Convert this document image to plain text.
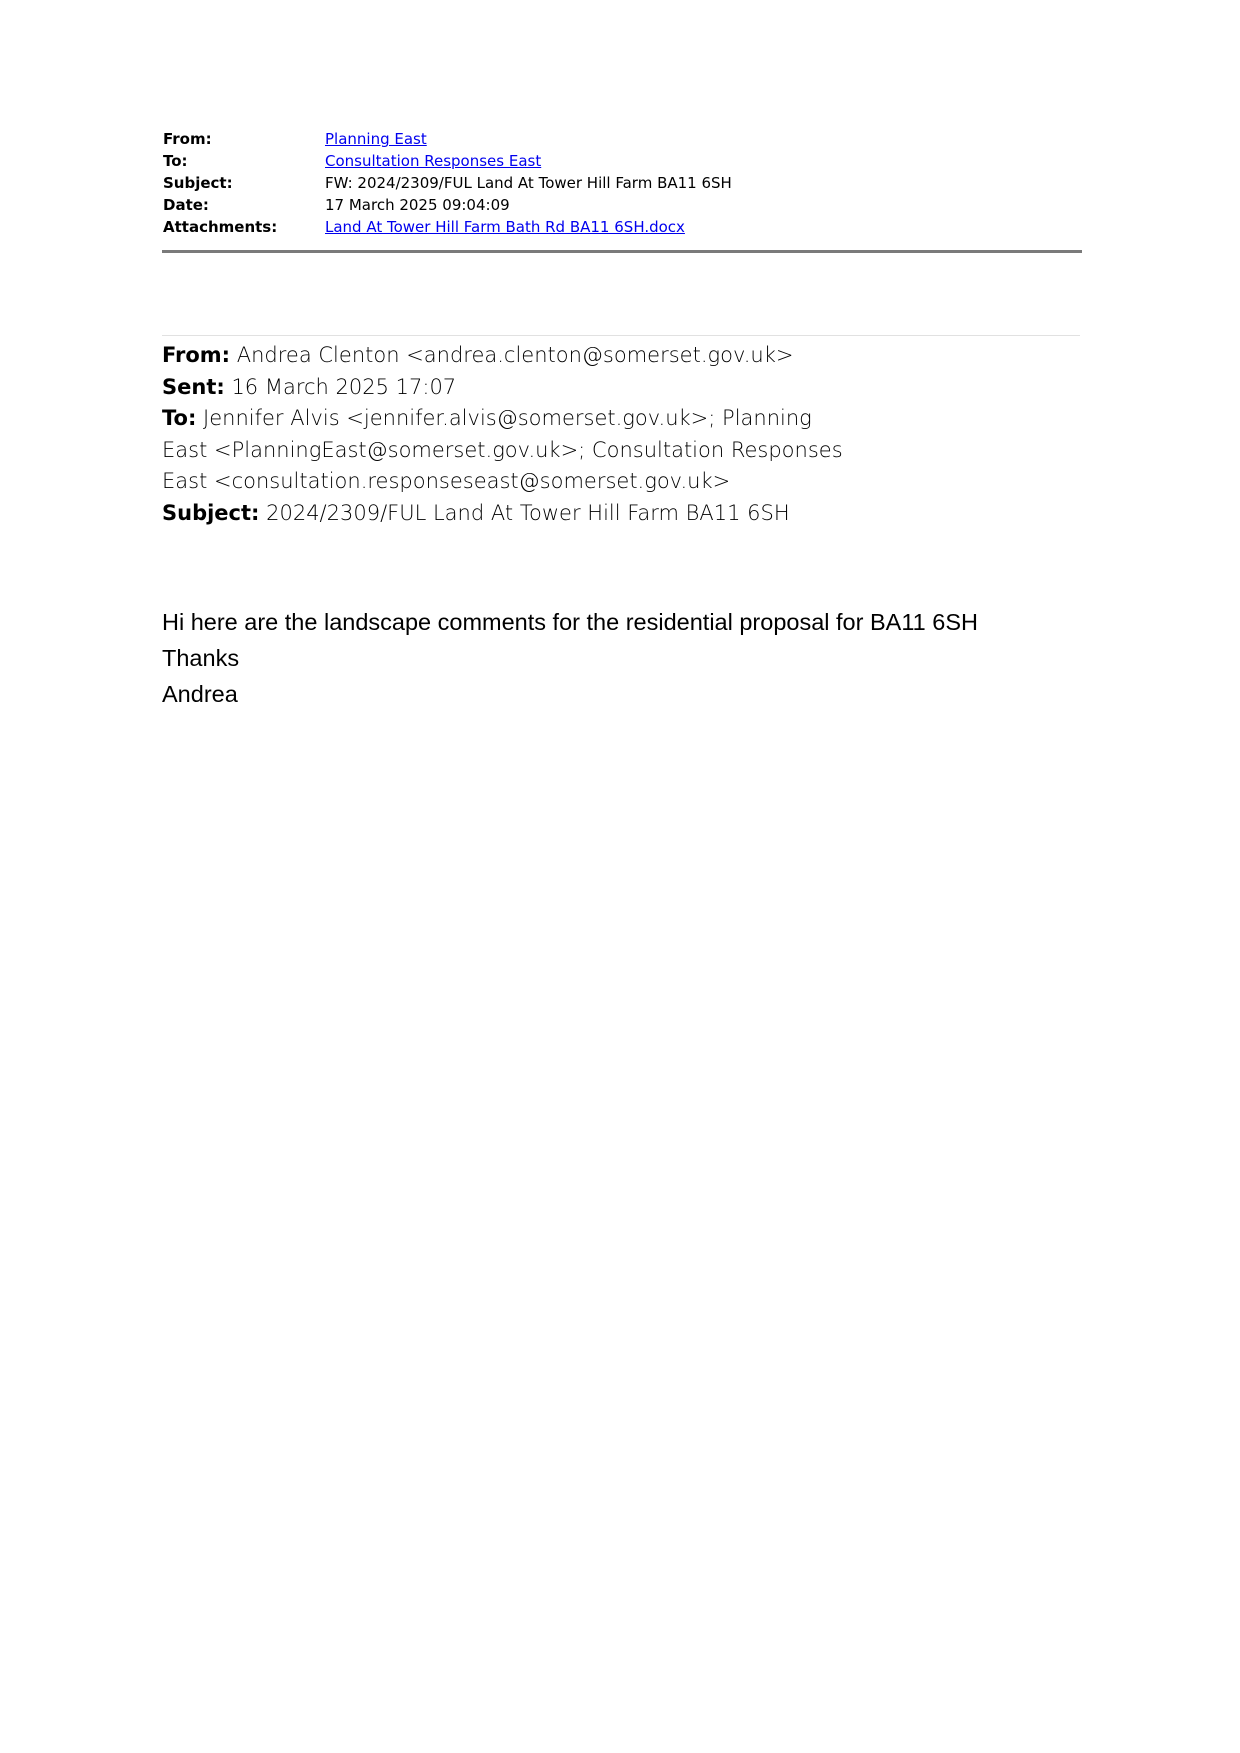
From:	Planning East
To:	Consultation Responses East
Subject:	FW: 2024/2309/FUL Land At Tower Hill Farm BA11 6SH
Date:	17 March 2025 09:04:09
Attachments:	Land At Tower Hill Farm Bath Rd BA11 6SH.docx

From: Andrea Clenton <andrea.clenton@somerset.gov.uk>

Sent: 16 March 2025 17:07

To: Jennifer Alvis <jennifer.alvis@somerset.gov.uk>; Planning East <PlanningEast@somerset.gov.uk>; Consultation Responses East <consultation.responseseast@somerset.gov.uk>

Subject: 2024/2309/FUL Land At Tower Hill Farm BA11 6SH

Hi here are the landscape comments for the residential proposal for BA11 6SH

Thanks

Andrea
